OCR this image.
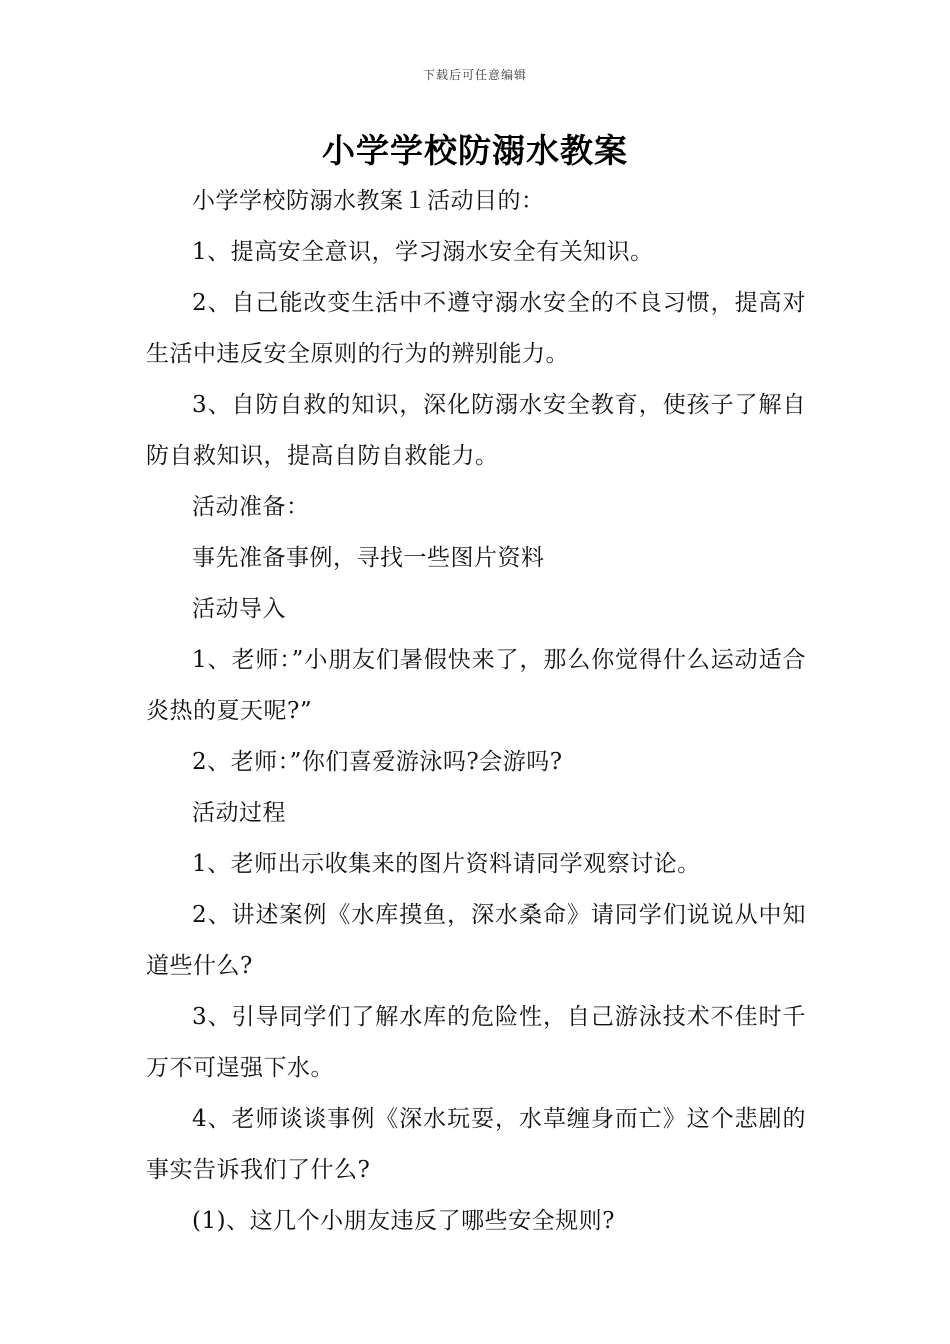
下载后可任意编辑
小学学校防溺水教案

小学学校防溺水教案１活动目的：

1、提高安全意识，学习溺水安全有关知识。

2、自己能改变生活中不遵守溺水安全的不良习惯，提高对生活中违反安全原则的行为的辨别能力。

3、自防自救的知识，深化防溺水安全教育，使孩子了解自防自救知识，提高自防自救能力。

活动准备：

事先准备事例，寻找一些图片资料

活动导入

1、老师：”小朋友们暑假快来了，那么你觉得什么运动适合炎热的夏天呢?”

2、老师：”你们喜爱游泳吗?会游吗?

活动过程

1、老师出示收集来的图片资料请同学观察讨论。

2、讲述案例《水库摸鱼，深水桑命》请同学们说说从中知道些什么?

3、引导同学们了解水库的危险性，自己游泳技术不佳时千万不可逞强下水。

4、老师谈谈事例《深水玩耍，水草缠身而亡》这个悲剧的事实告诉我们了什么?

(1)、这几个小朋友违反了哪些安全规则?
